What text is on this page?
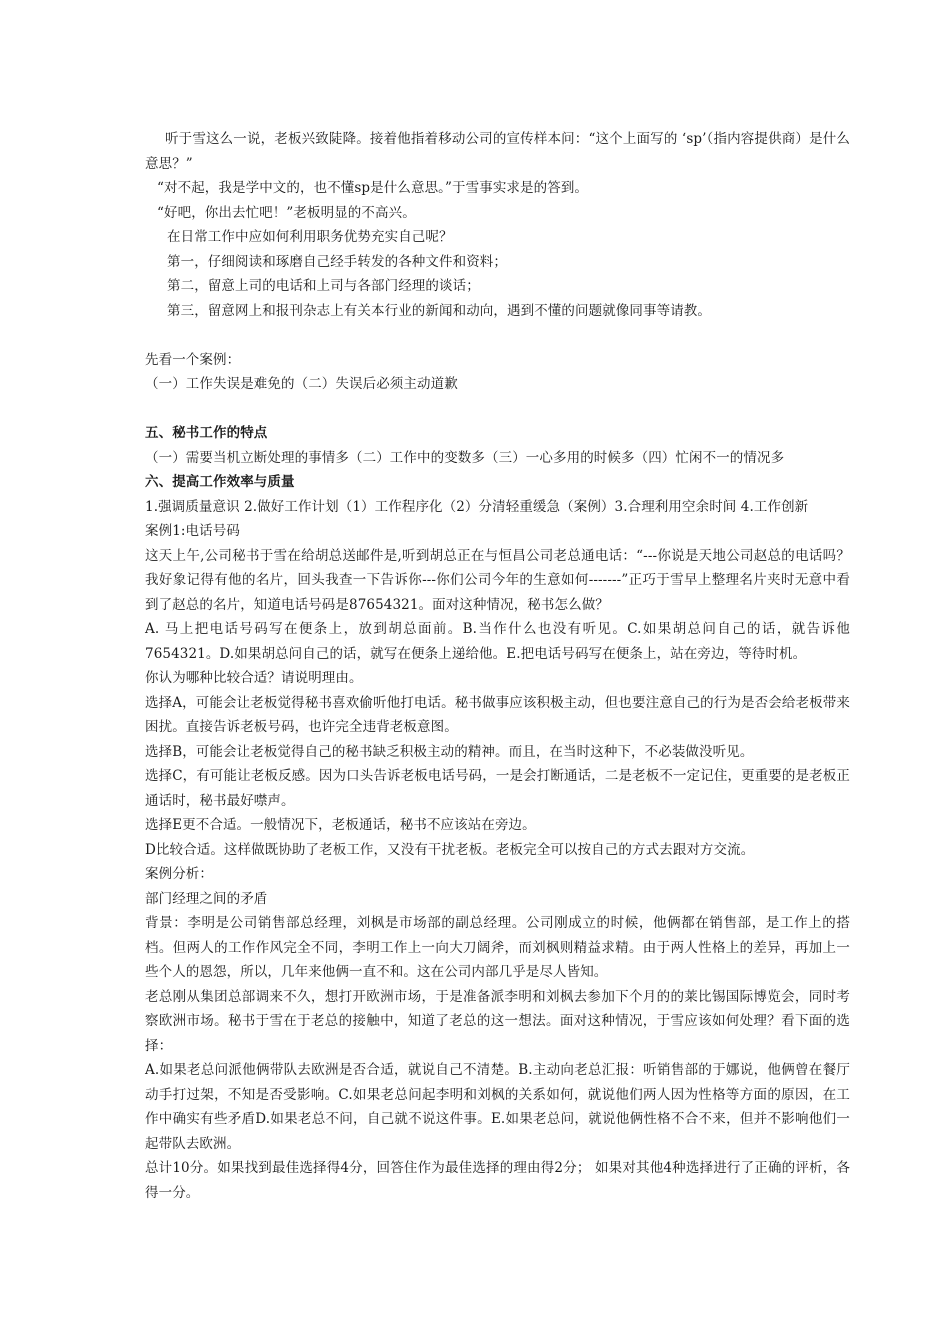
听于雪这么一说，老板兴致陡降。接着他指着移动公司的宣传样本问：“这个上面写的 ‘sp’（指内容提供商）是什么意思？”

“对不起，我是学中文的，也不懂sp是什么意思。”于雪事实求是的答到。

“好吧，你出去忙吧！”老板明显的不高兴。

在日常工作中应如何利用职务优势充实自己呢？

第一，仔细阅读和琢磨自己经手转发的各种文件和资料；

第二，留意上司的电话和上司与各部门经理的谈话；

第三，留意网上和报刊杂志上有关本行业的新闻和动向，遇到不懂的问题就像同事等请教。

先看一个案例：

（一）工作失误是难免的（二）失误后必须主动道歉

五、秘书工作的特点

（一）需要当机立断处理的事情多（二）工作中的变数多（三）一心多用的时候多（四）忙闲不一的情况多

六、提高工作效率与质量

1.强调质量意识 2.做好工作计划（1）工作程序化（2）分清轻重缓急（案例）3.合理利用空余时间 4.工作创新

案例1:电话号码

这天上午,公司秘书于雪在给胡总送邮件是,听到胡总正在与恒昌公司老总通电话：“---你说是天地公司赵总的电话吗？我好象记得有他的名片，回头我查一下告诉你---你们公司今年的生意如何-------”正巧于雪早上整理名片夹时无意中看到了赵总的名片，知道电话号码是87654321。面对这种情况，秘书怎么做？

A. 马上把电话号码写在便条上，放到胡总面前。B.当作什么也没有听见。C.如果胡总问自己的话，就告诉他7654321。D.如果胡总问自己的话，就写在便条上递给他。E.把电话号码写在便条上，站在旁边，等待时机。

你认为哪种比较合适？请说明理由。

选择A，可能会让老板觉得秘书喜欢偷听他打电话。秘书做事应该积极主动，但也要注意自己的行为是否会给老板带来困扰。直接告诉老板号码，也许完全违背老板意图。

选择B，可能会让老板觉得自己的秘书缺乏积极主动的精神。而且，在当时这种下，不必装做没听见。

选择C，有可能让老板反感。因为口头告诉老板电话号码，一是会打断通话，二是老板不一定记住，更重要的是老板正通话时，秘书最好噤声。

选择E更不合适。一般情况下，老板通话，秘书不应该站在旁边。

D比较合适。这样做既协助了老板工作，又没有干扰老板。老板完全可以按自己的方式去跟对方交流。

案例分析：

部门经理之间的矛盾

背景：李明是公司销售部总经理，刘枫是市场部的副总经理。公司刚成立的时候，他俩都在销售部，是工作上的搭档。但两人的工作作风完全不同，李明工作上一向大刀阔斧，而刘枫则精益求精。由于两人性格上的差异，再加上一些个人的恩怨，所以，几年来他俩一直不和。这在公司内部几乎是尽人皆知。

老总刚从集团总部调来不久，想打开欧洲市场，于是准备派李明和刘枫去参加下个月的的莱比锡国际博览会，同时考察欧洲市场。秘书于雪在于老总的接触中，知道了老总的这一想法。面对这种情况，于雪应该如何处理？看下面的选择：

A.如果老总问派他俩带队去欧洲是否合适，就说自己不清楚。B.主动向老总汇报：听销售部的于娜说，他俩曾在餐厅动手打过架，不知是否受影响。C.如果老总问起李明和刘枫的关系如何，就说他们两人因为性格等方面的原因，在工作中确实有些矛盾D.如果老总不问，自己就不说这件事。E.如果老总问，就说他俩性格不合不来，但并不影响他们一起带队去欧洲。

总计10分。如果找到最佳选择得4分，回答住作为最佳选择的理由得2分； 如果对其他4种选择进行了正确的评析，各得一分。
